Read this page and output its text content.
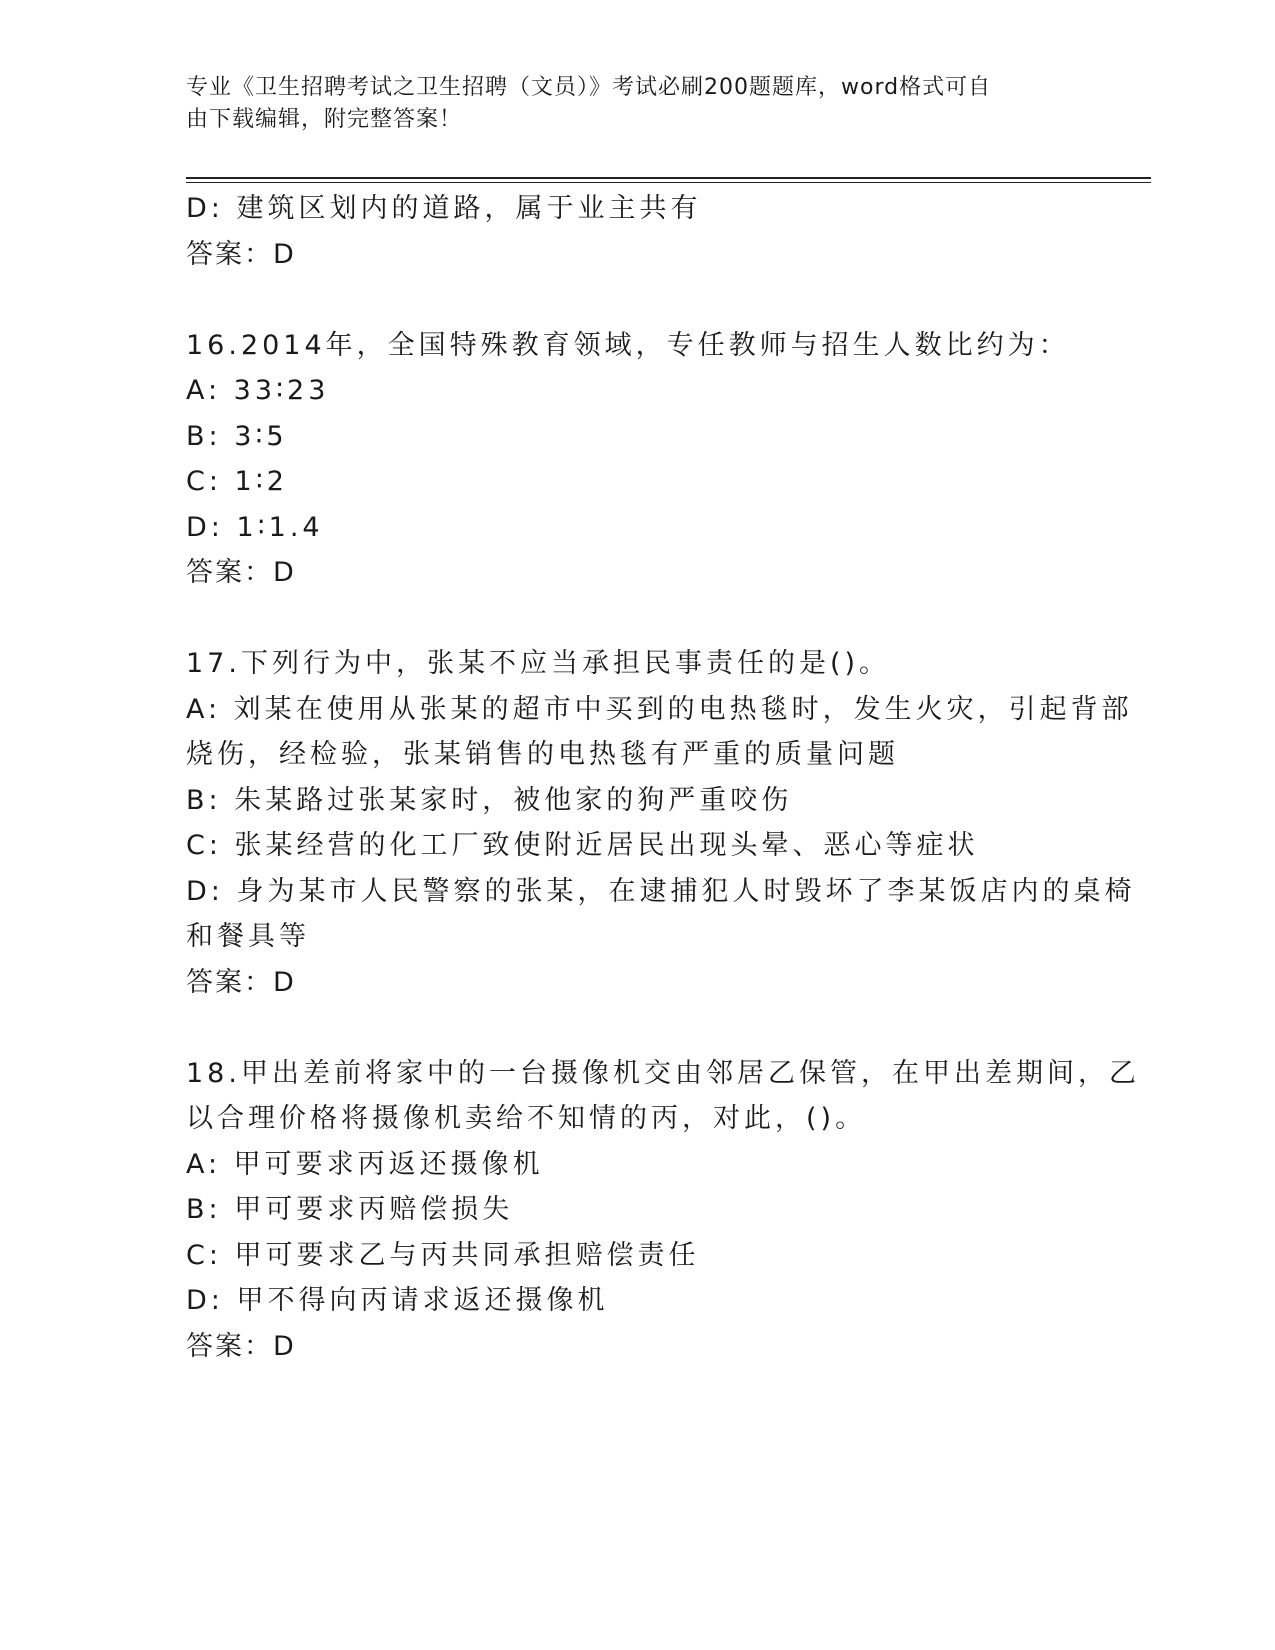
专业《卫生招聘考试之卫生招聘（文员）》考试必刷200题题库，word格式可自
由下载编辑，附完整答案！
D: 建筑区划内的道路，属于业主共有
答案：D
16.2014年，全国特殊教育领域，专任教师与招生人数比约为：
A: 33∶23
B: 3∶5
C: 1∶2
D: 1∶1.4
答案：D
17.下列行为中，张某不应当承担民事责任的是()。
A: 刘某在使用从张某的超市中买到的电热毯时，发生火灾，引起背部
烧伤，经检验，张某销售的电热毯有严重的质量问题
B: 朱某路过张某家时，被他家的狗严重咬伤
C: 张某经营的化工厂致使附近居民出现头晕、恶心等症状
D: 身为某市人民警察的张某，在逮捕犯人时毁坏了李某饭店内的桌椅
和餐具等
答案：D
18.甲出差前将家中的一台摄像机交由邻居乙保管，在甲出差期间，乙
以合理价格将摄像机卖给不知情的丙，对此，()。
A: 甲可要求丙返还摄像机
B: 甲可要求丙赔偿损失
C: 甲可要求乙与丙共同承担赔偿责任
D: 甲不得向丙请求返还摄像机
答案：D
